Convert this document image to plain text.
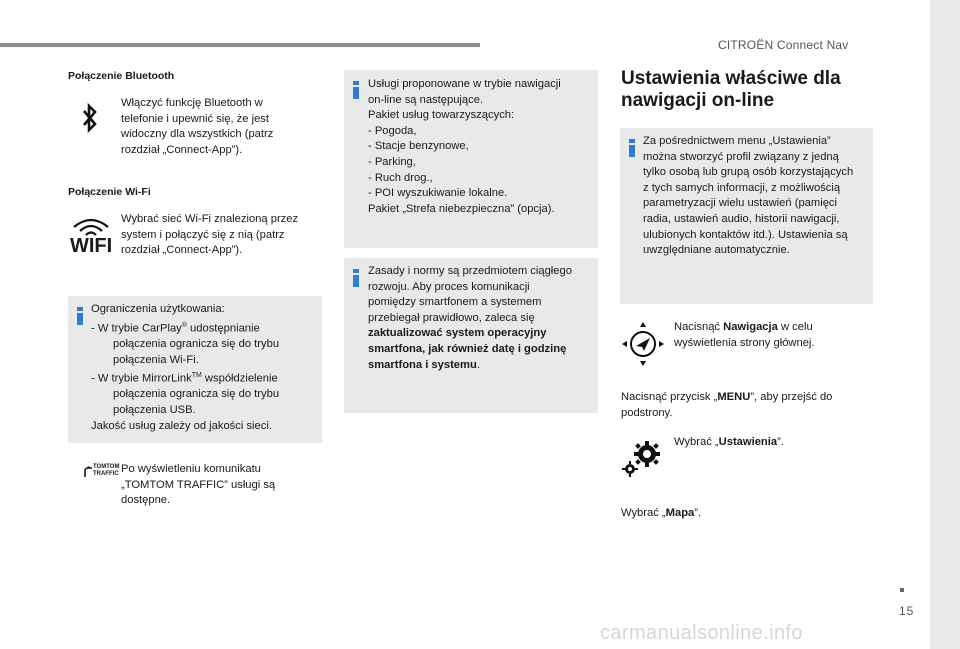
CITROËN Connect Nav
15
carmanualsonline.info
Połączenie Bluetooth
Włączyć funkcję Bluetooth w
telefonie i upewnić się, że jest
widoczny dla wszystkich (patrz
rozdział „Connect-App”).
Połączenie Wi-Fi
WIFI
Wybrać sieć Wi-Fi znalezioną przez
system i połączyć się z nią (patrz
rozdział „Connect-App”).

Ograniczenia użytkowania:

- W trybie CarPlay® udostępnianie połączenia ogranicza się do trybu połączenia Wi-Fi.

- W trybie MirrorLink™ współdzielenie połączenia ogranicza się do trybu połączenia USB.

Jakość usług zależy od jakości sieci.

TOMTOM
TRAFFIC Po wyświetleniu komunikatu
„TOMTOM TRAFFIC” usługi są
dostępne.

Usługi proponowane w trybie nawigacji

on-line są następujące.

Pakiet usług towarzyszących:

- Pogoda,

- Stacje benzynowe,

- Parking,

- Ruch drog.,

- POI wyszukiwanie lokalne.

Pakiet „Strefa niebezpieczna” (opcja).

Zasady i normy są przedmiotem ciągłego

rozwoju. Aby proces komunikacji

pomiędzy smartfonem a systemem

przebiegał prawidłowo, zaleca się

zaktualizować system operacyjny

smartfona, jak również datę i godzinę

smartfona i systemu.

Ustawienia właściwe dla
nawigacji on-line

Za pośrednictwem menu „Ustawienia”

można stworzyć profil związany z jedną

tylko osobą lub grupą osób korzystających

z tych samych informacji, z możliwością

parametryzacji wielu ustawień (pamięci

radia, ustawień audio, historii nawigacji,

ulubionych kontaktów itd.). Ustawienia są

uwzględniane automatycznie.

Nacisnąć Nawigacja w celu
wyświetlenia strony głównej.
Nacisnąć przycisk „MENU”, aby przejść do
podstrony.
Wybrać „Ustawienia”.
Wybrać „Mapa”.
